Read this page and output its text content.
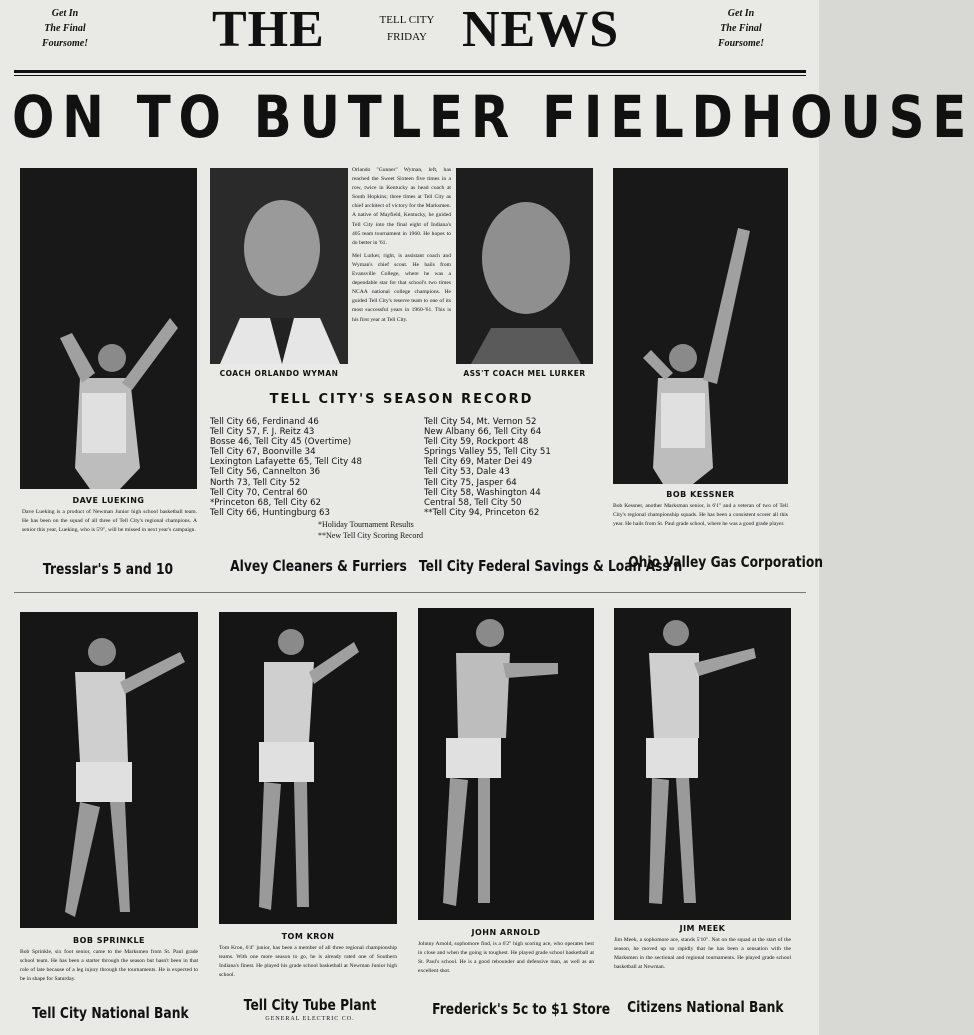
Get In
The Final
Foursome!	THE	TELL CITY
FRIDAY NEWS	Get In
The Final
Foursome!
ON TO BUTLER FIELDHOUSE
DAVE LUEKING
Dave Lueking is a product of Newman Junior high school basketball team. He has been on the squad of all three of Tell City's regional champions. A senior this year, Lueking, who is 5'9", will be missed in next year's campaign.
COACH ORLANDO WYMAN
Orlando "Gunner" Wyman, left, has reached the Sweet Sixteen five times in a row, twice in Kentucky as head coach at South Hopkins; three times at Tell City as chief architect of victory for the Marksmen. A native of Mayfield, Kentucky, he guided Tell City into the final eight of Indiana's 405 team tournament in 1960. He hopes to do better in '61.
Mel Lurker, right, is assistant coach and Wyman's chief scout. He hails from Evansville College, where he was a dependable star for that school's two times NCAA national college champions. He guided Tell City's reserve team to one of its most successful years in 1960-'61. This is his first year at Tell City.
ASS'T COACH MEL LURKER
TELL CITY'S SEASON RECORD
Tell City 66, Ferdinand 46
Tell City 57, F. J. Reitz 43
Bosse 46, Tell City 45 (Overtime)
Tell City 67, Boonville 34
Lexington Lafayette 65, Tell City 48
Tell City 56, Cannelton 36
North 73, Tell City 52
Tell City 70, Central 60
*Princeton 68, Tell City 62
Tell City 66, Huntingburg 63
Tell City 54, Mt. Vernon 52
New Albany 66, Tell City 64
Tell City 59, Rockport 48
Springs Valley 55, Tell City 51
Tell City 69, Mater Dei 49
Tell City 53, Dale 43
Tell City 75, Jasper 64
Tell City 58, Washington 44
Central 58, Tell City 50
**Tell City 94, Princeton 62
*Holiday Tournament Results
**New Tell City Scoring Record
BOB KESSNER
Bob Kessner, another Marksman senior, is 6'1" and a veteran of two of Tell City's regional championship squads. He has been a consistent scorer all this year. He hails from St. Paul grade school, where he was a good grade player.
Tresslar's 5 and 10	Alvey Cleaners & Furriers Tell City Federal Savings & Loan Ass'n
Ohio Valley Gas Corporation
BOB SPRINKLE
Bob Sprinkle, six foot senior, came to the Marksmen from St. Paul grade school team. He has been a starter through the season but hasn't been in that role of late because of a leg injury through the tournaments. He is expected to be in shape for Saturday.
TOM KRON
Tom Kron, 6'4" junior, has been a member of all three regional championship teams. With one more season to go, he is already rated one of Southern Indiana's finest. He played his grade school basketball at Newman Junior high school.
JOHN ARNOLD
Johnny Arnold, sophomore find, is a 6'2" high scoring ace, who operates best in close and when the going is toughest. He played grade school basketball at St. Paul's school. He is a good rebounder and defensive man, as well as an excellent shot.
JIM MEEK
Jim Meek, a sophomore ace, stands 5'10". Not on the squad at the start of the season, he moved up so rapidly that he has been a sensation with the Marksmen in the sectional and regional tournaments. He played grade school basketball at Newman.
Tell City National Bank	Tell City Tube Plant
GENERAL ELECTRIC CO.
Frederick's 5c to $1 Store Citizens National Bank
